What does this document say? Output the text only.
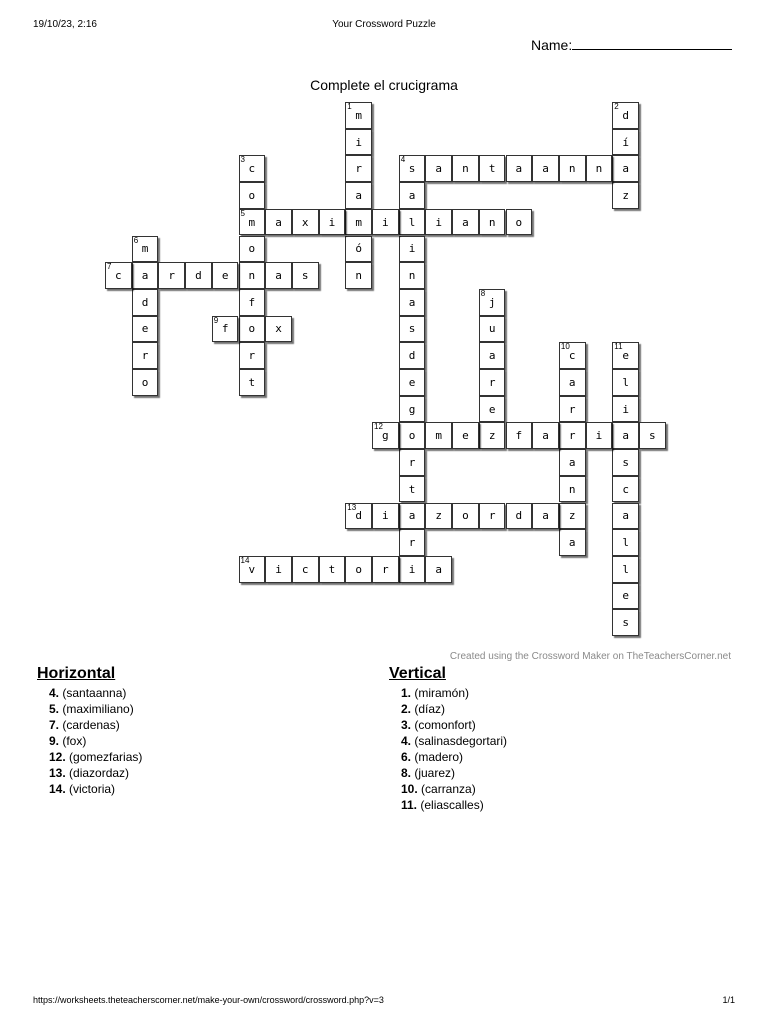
19/10/23, 2:16	Your Crossword Puzzle
Name:
Complete el crucigrama
1
m
i
r
a
m
ó
n
2
d
í
a
z
3
c
o
5
m
o
n
f
o
r
t
4
s a n t a a n n
a
l
i
n
a
s
d
e
g
o
r
t
a
r
i
a x i	i	i a n o
6
m
a
d
e
r
o
7
c	r d e	a s
8
j
u
a
r
e
z
9
f	x
10
c
a
r
r
a
n
z
a
11
e
l
i
a
s
c
a
l
l
e
s
12
g	m e	f a	i	s
13
d i	z o r d a
14
v i c t o r	a
Created using the Crossword Maker on TheTeachersCorner.net
Horizontal
4. (santaanna)
5. (maximiliano)
7. (cardenas)
9. (fox)
12. (gomezfarias)
13. (diazordaz)
14. (victoria)
Vertical
1. (miramón)
2. (díaz)
3. (comonfort)
4. (salinasdegortari)
6. (madero)
8. (juarez)
10. (carranza)
11. (eliascalles)
https://worksheets.theteacherscorner.net/make-your-own/crossword/crossword.php?v=3	1/1
